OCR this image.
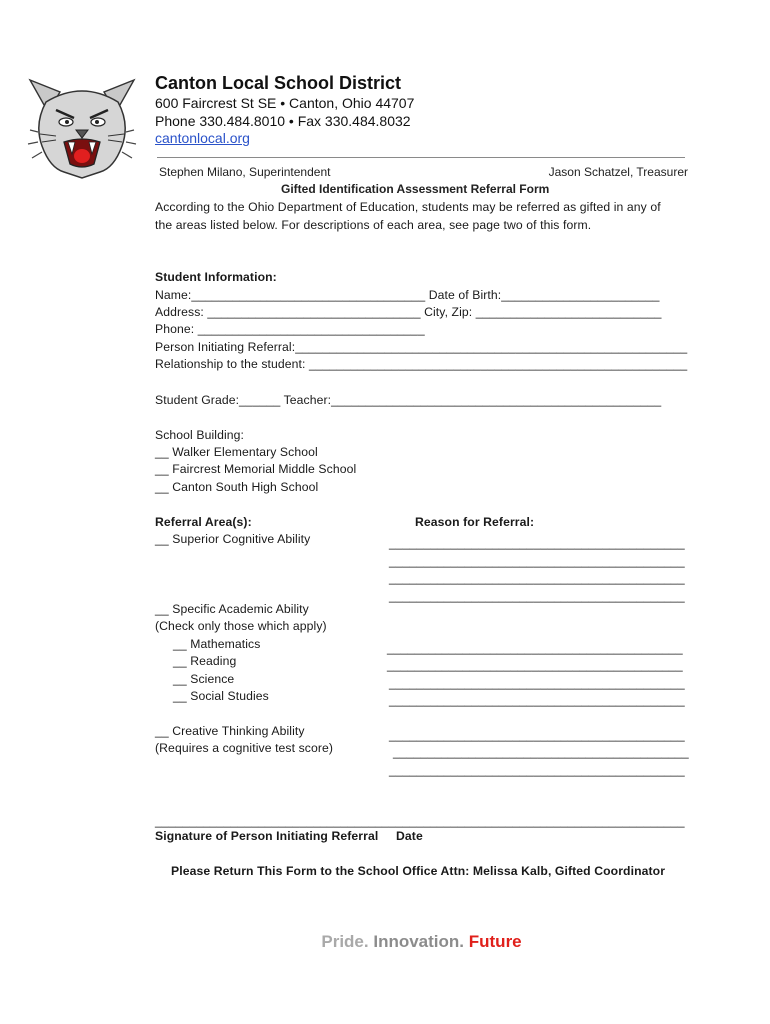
Canton Local School District
600 Faircrest St SE • Canton, Ohio 44707
Phone 330.484.8010 • Fax 330.484.8032
cantonlocal.org
Stephen Milano, Superintendent	Jason Schatzel, Treasurer
Gifted Identification Assessment Referral Form
According to the Ohio Department of Education, students may be referred as gifted in any of
the areas listed below. For descriptions of each area, see page two of this form.
Student Information:
Name:__________________________________ Date of Birth:_______________________
Address: _______________________________ City, Zip: ___________________________
Phone: _________________________________
Person Initiating Referral:_________________________________________________________
Relationship to the student: _______________________________________________________
Student Grade:______ Teacher:________________________________________________
School Building:
__ Walker Elementary School
__ Faircrest Memorial Middle School
__ Canton South High School
Referral Area(s):	Reason for Referral:
__ Superior Cognitive Ability	___________________________________________
___________________________________________
___________________________________________
___________________________________________
__ Specific Academic Ability
(Check only those which apply)
__ Mathematics
__ Reading
__ Science
__ Social Studies
___________________________________________
___________________________________________
___________________________________________
___________________________________________
__ Creative Thinking Ability
(Requires a cognitive test score)
___________________________________________
___________________________________________
___________________________________________
_____________________________________________________________________________
Signature of Person Initiating Referral Date
Please Return This Form to the School Office Attn: Melissa Kalb, Gifted Coordinator
Pride. Innovation. Future
